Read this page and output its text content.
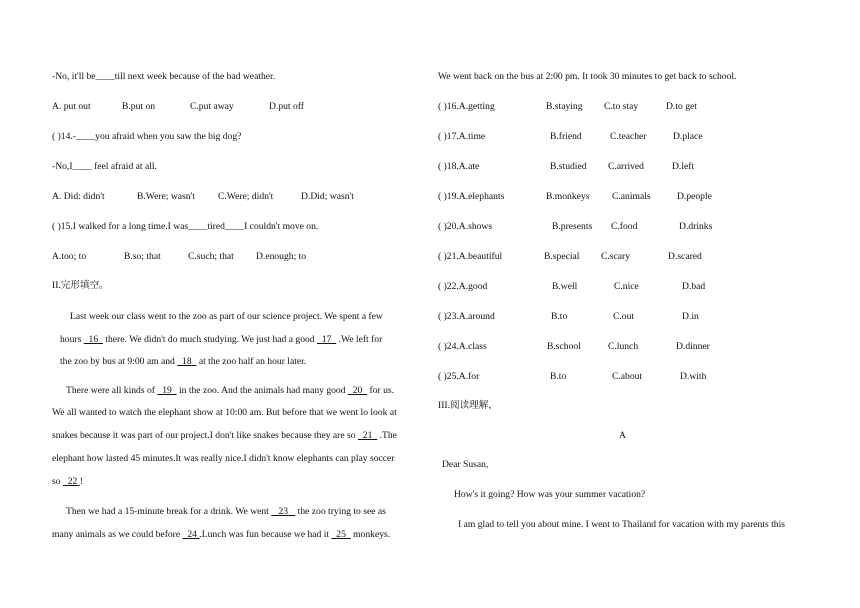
-No, it'll be____till next week because of the bad weather.
A. put out	B.put on	C.put away	D.put off
( )14.-____you afraid when you saw the big dog?
-No,I____ feel afraid at all.
A. Did: didn't	B.Were; wasn't C.Were; didn't	D.Did; wasn't
( )15.I walked for a long time.I was____tired____I couldn't move on.
A.too; to	B.so; that	C.such; that D.enough; to
II.完形填空。
Last week our class went to the zoo as part of our science project. We spent a few
hours 16 there. We didn't do much studying. We just had a good 17 .We left for
the zoo by bus at 9:00 am and 18 at the zoo half an hour later.
There were all kinds of 19 in the zoo. And the animals had many good 20 for us.
We all wanted to watch the elephant show at 10:00 am. But before that we went lo look at
snakes because it was part of our project.I don't like snakes because they are so 21 .The
elephant how lasted 45 minutes.It was really nice.I didn't know elephants can play soccer
so 22 !
Then we had a 15-minute break for a drink. We went 23 the zoo trying to see as
many animals as we could before 24 .Lunch was fun because we had it 25 monkeys.
We went back on the bus at 2:00 pm. It took 30 minutes to get back to school.
( )16.A.getting	B.staying C.to stay	D.to get
( )17.A.time	B.friend	C.teacher	D.place
( )18.A.ate	B.studied C.arrived	D.left
( )19.A.elephants	B.monkeys C.animals	D.people
( )20.A.shows	B.presents C.food	D.drinks
( )21.A.beautiful	B.special C.scary	D.scared
( )22.A.good	B.well	C.nice	D.bad
( )23.A.around	B.to	C.out	D.in
( )24.A.class	B.school	C.lunch	D.dinner
( )25.A.for	B.to	C.about	D.with
III.阅读理解，
A
Dear Susan,
How's it going? How was your summer vacation?
I am glad to tell you about mine. I went to Thailand for vacation with my parents this
